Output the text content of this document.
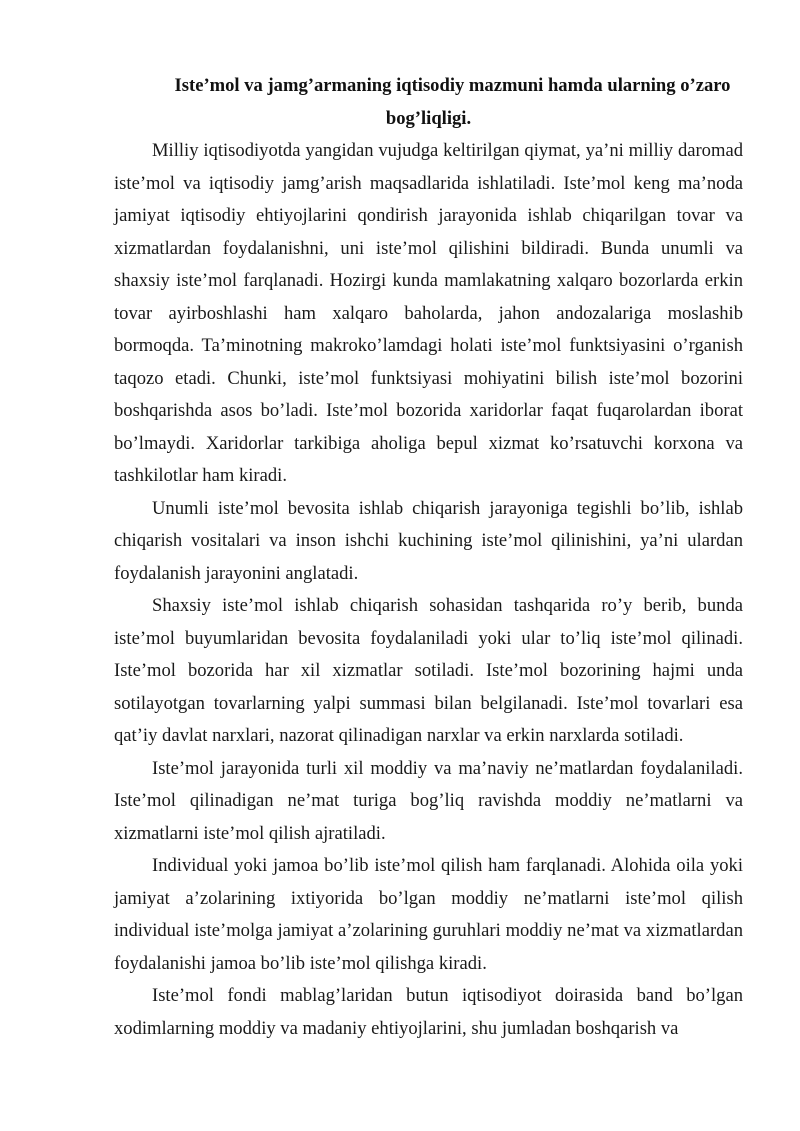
Iste’mol va jamg’armaning iqtisodiy mazmuni hamda ularning o’zaro
bog’liqligi.

Milliy iqtisodiyotda yangidan vujudga keltirilgan qiymat, ya’ni milliy daromad iste’mol va iqtisodiy jamg’arish maqsadlarida ishlatiladi. Iste’mol keng ma’noda jamiyat iqtisodiy ehtiyojlarini qondirish jarayonida ishlab chiqarilgan tovar va xizmatlardan foydalanishni, uni iste’mol qilishini bildiradi. Bunda unumli va shaxsiy iste’mol farqlanadi. Hozirgi kunda mamlakatning xalqaro bozorlarda erkin tovar ayirboshlashi ham xalqaro baholarda, jahon andozalariga moslashib bormoqda. Ta’minotning makroko’lamdagi holati iste’mol funktsiyasini o’rganish taqozo etadi. Chunki, iste’mol funktsiyasi mohiyatini bilish iste’mol bozorini boshqarishda asos bo’ladi. Iste’mol bozorida xaridorlar faqat fuqarolardan iborat bo’lmaydi. Xaridorlar tarkibiga aholiga bepul xizmat ko’rsatuvchi korxona va tashkilotlar ham kiradi.

Unumli iste’mol bevosita ishlab chiqarish jarayoniga tegishli bo’lib, ishlab chiqarish vositalari va inson ishchi kuchining iste’mol qilinishini, ya’ni ulardan foydalanish jarayonini anglatadi.

Shaxsiy iste’mol ishlab chiqarish sohasidan tashqarida ro’y berib, bunda iste’mol buyumlaridan bevosita foydalaniladi yoki ular to’liq iste’mol qilinadi. Iste’mol bozorida har xil xizmatlar sotiladi. Iste’mol bozorining hajmi unda sotilayotgan tovarlarning yalpi summasi bilan belgilanadi. Iste’mol tovarlari esa qat’iy davlat narxlari, nazorat qilinadigan narxlar va erkin narxlarda sotiladi.

Iste’mol jarayonida turli xil moddiy va ma’naviy ne’matlardan foydalaniladi. Iste’mol qilinadigan ne’mat turiga bog’liq ravishda moddiy ne’matlarni va xizmatlarni iste’mol qilish ajratiladi.

Individual yoki jamoa bo’lib iste’mol qilish ham farqlanadi. Alohida oila yoki jamiyat a’zolarining ixtiyorida bo’lgan moddiy ne’matlarni iste’mol qilish individual iste’molga jamiyat a’zolarining guruhlari moddiy ne’mat va xizmatlardan foydalanishi jamoa bo’lib iste’mol qilishga kiradi.

Iste’mol fondi mablag’laridan butun iqtisodiyot doirasida band bo’lgan xodimlarning moddiy va madaniy ehtiyojlarini, shu jumladan boshqarish va
